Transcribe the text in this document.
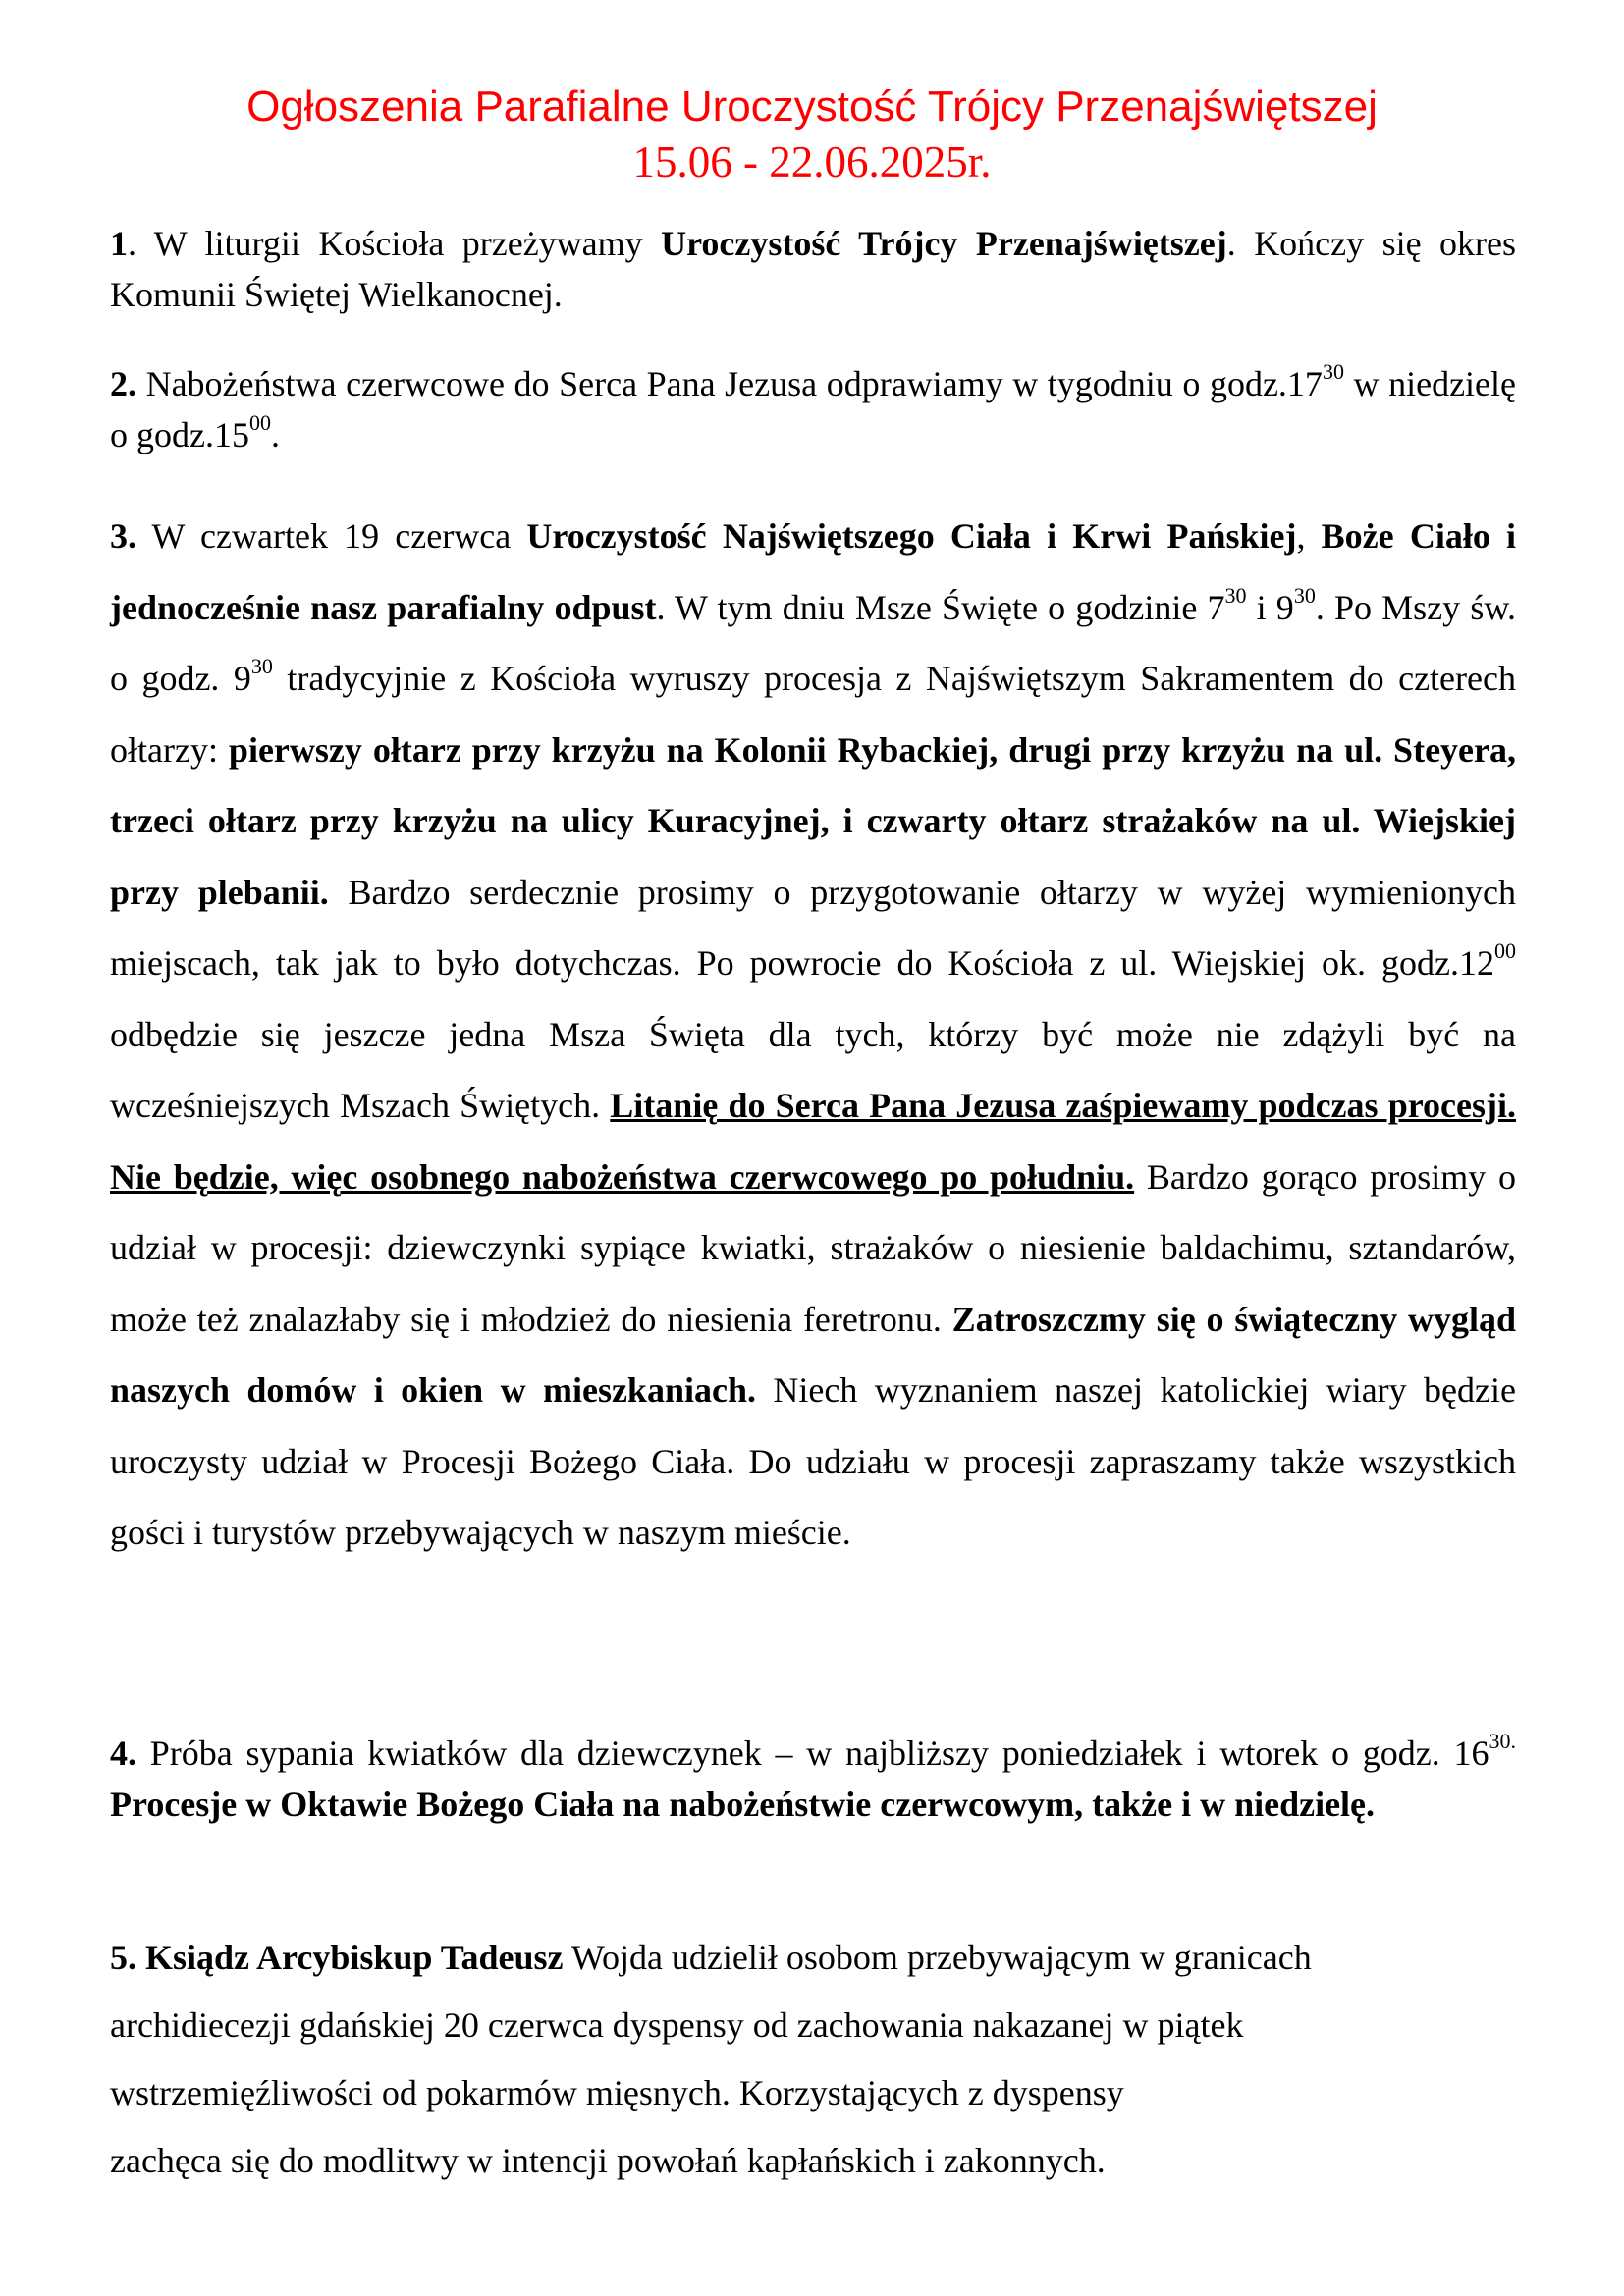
Ogłoszenia Parafialne Uroczystość Trójcy Przenajświętszej
15.06 - 22.06.2025r.
1. W liturgii Kościoła przeżywamy Uroczystość Trójcy Przenajświętszej. Kończy się okres Komunii Świętej Wielkanocnej.
2. Nabożeństwa czerwcowe do Serca Pana Jezusa odprawiamy w tygodniu o $godz.17^{30}$ w niedzielę o $godz.15^{00}$.
3. W czwartek 19 czerwca Uroczystość Najświętszego Ciała i Krwi Pańskiej, Boże Ciało i jednocześnie nasz parafialny odpust. W tym dniu Msze Święte o godzinie $7^{30}$ i $9^{30}$. Po Mszy św. o godz. $9^{30}$ tradycyjnie z Kościoła wyruszy procesja z Najświętszym Sakramentem do czterech ołtarzy: pierwszy ołtarz przy krzyżu na Kolonii Rybackiej, drugi przy krzyżu na ul. Steyera, trzeci ołtarz przy krzyżu na ulicy Kuracyjnej, i czwarty ołtarz strażaków na ul. Wiejskiej przy plebanii. Bardzo serdecznie prosimy o przygotowanie ołtarzy w wyżej wymienionych miejscach, tak jak to było dotychczas. Po powrocie do Kościoła z ul. Wiejskiej ok. $godz.12^{00}$ odbędzie się jeszcze jedna Msza Święta dla tych, którzy być może nie zdążyli być na wcześniejszych Mszach Świętych. Litanię do Serca Pana Jezusa zaśpiewamy podczas procesji. Nie będzie, więc osobnego nabożeństwa czerwcowego po południu. Bardzo gorąco prosimy o udział w procesji: dziewczynki sypiące kwiatki, strażaków o niesienie baldachimu, sztandarów, może też znalazłaby się i młodzież do niesienia feretronu. Zatroszczmy się o świąteczny wygląd naszych domów i okien w mieszkaniach. Niech wyznaniem naszej katolickiej wiary będzie uroczysty udział w Procesji Bożego Ciała. Do udziału w procesji zapraszamy także wszystkich gości i turystów przebywających w naszym mieście.
4. Próba sypania kwiatków dla dziewczynek – w najbliższy poniedziałek i wtorek o godz. $16^{30.}$ Procesje w Oktawie Bożego Ciała na nabożeństwie czerwcowym, także i w niedzielę.
5. Ksiądz Arcybiskup Tadeusz Wojda udzielił osobom przebywającym w granicach
archidiecezji gdańskiej 20 czerwca dyspensy od zachowania nakazanej w piątek
wstrzemięźliwości od pokarmów mięsnych. Korzystających z dyspensy
zachęca się do modlitwy w intencji powołań kapłańskich i zakonnych.
